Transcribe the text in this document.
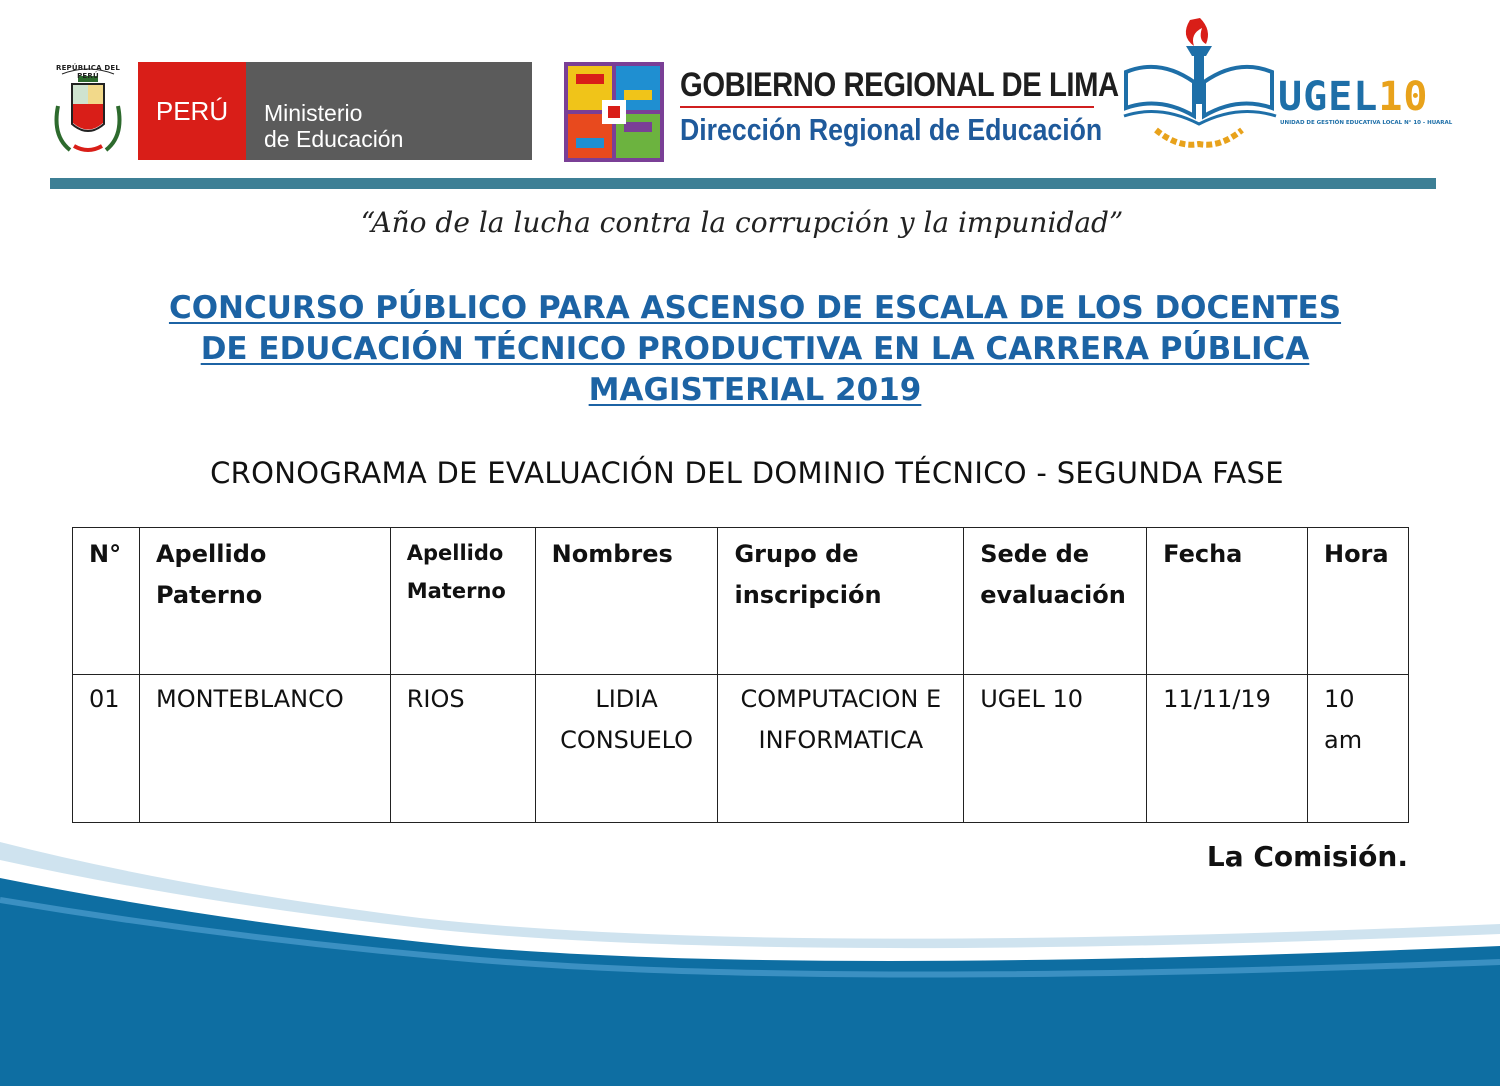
REPÚBLICA DEL PERÚ
PERÚ	Ministerio
de Educación
GOBIERNO REGIONAL DE LIMA
Dirección Regional de Educación
UGEL10
UNIDAD DE GESTIÓN EDUCATIVA LOCAL N° 10 - HUARAL
“Año de la lucha contra la corrupción y la impunidad”
CONCURSO PÚBLICO PARA ASCENSO DE ESCALA DE LOS DOCENTES
DE EDUCACIÓN TÉCNICO PRODUCTIVA EN LA CARRERA PÚBLICA
MAGISTERIAL 2019
CRONOGRAMA DE EVALUACIÓN DEL DOMINIO TÉCNICO - SEGUNDA FASE
N°	Apellido Paterno	Apellido Materno	Nombres	Grupo de inscripción	Sede de evaluación	Fecha	Hora
01	MONTEBLANCO	RIOS	LIDIA CONSUELO	COMPUTACION E INFORMATICA	UGEL 10	11/11/19	10 am
La Comisión.
